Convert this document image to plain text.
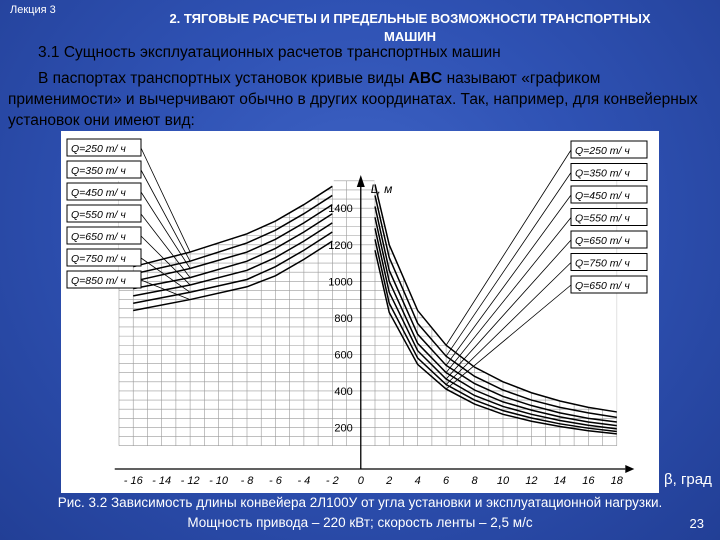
Лекция 3
2. ТЯГОВЫЕ РАСЧЕТЫ И ПРЕДЕЛЬНЫЕ ВОЗМОЖНОСТИ ТРАНСПОРТНЫХ МАШИН
3.1 Сущность эксплуатационных расчетов транспортных машин
В паспортах транспортных установок кривые виды ABC называют «графиком применимости» и вычерчивают обычно в других координатах. Так, например, для конвейерных установок они имеют вид:
L, м
200
400
600
800
1000
1200
1400
- 16 - 14 - 12 - 10 - 8 - 6 - 4 - 2 0 2 4 6 8 10 12 14 16 18
Q=250 т/ ч
Q=350 т/ ч
Q=450 т/ ч
Q=550 т/ ч
Q=650 т/ ч
Q=750 т/ ч
Q=850 т/ ч
Q=250 т/ ч
Q=350 т/ ч
Q=450 т/ ч
Q=550 т/ ч
Q=650 т/ ч
Q=750 т/ ч
Q=650 т/ ч
β, град
Рис. 3.2 Зависимость длины конвейера 2Л100У от угла установки и эксплуатационной нагрузки. Мощность привода – 220 кВт; скорость ленты – 2,5 м/с	23
